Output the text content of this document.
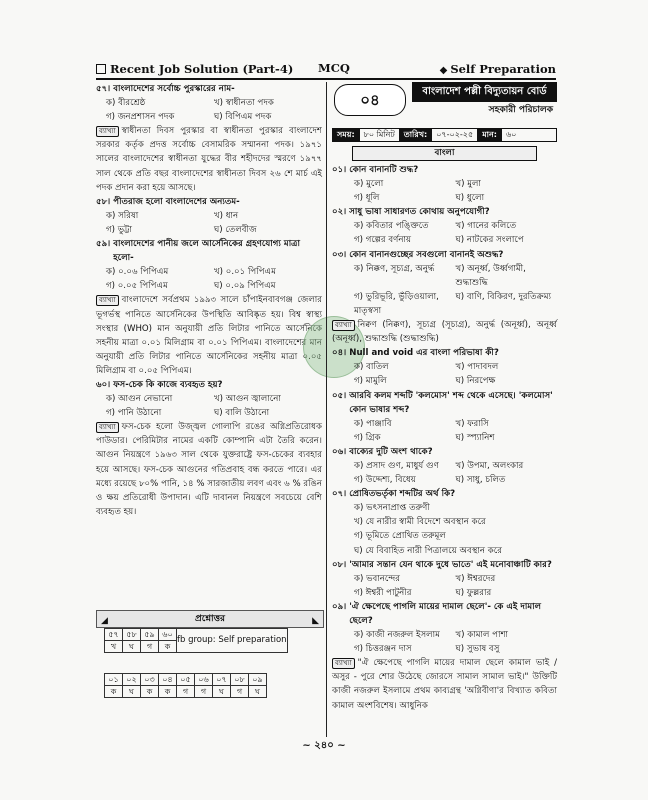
Recent Job Solution (Part-4) MCQ	◆ Self Preparation
৫৭। বাংলাদেশের সর্বোচ্চ পুরস্কারের নাম-
ক) বীরশ্রেষ্ঠ	খ) স্বাধীনতা পদক
গ) জনপ্রশাসন পদক	ঘ) বিপিএম পদক
ব্যাখ্যা স্বাধীনতা দিবস পুরস্কার বা স্বাধীনতা পুরস্কার বাংলাদেশ সরকার কর্তৃক প্রদত্ত সর্বোচ্চ বেসামরিক সম্মাননা পদক। ১৯৭১ সালের বাংলাদেশের স্বাধীনতা যুদ্ধের বীর শহীদদের স্মরণে ১৯৭৭ সাল থেকে প্রতি বছর বাংলাদেশের স্বাধীনতা দিবস ২৬ শে মার্চ এই পদক প্রদান করা হয়ে আসছে।
৫৮। পীতরাজ হলো বাংলাদেশের অন্যতম-
ক) সরিষা	খ) ধান
গ) ভুট্টা	ঘ) তেলবীজ
৫৯। বাংলাদেশের পানীয় জলে আর্সেনিকের গ্রহণযোগ্য মাত্রা হলো-
ক) ০.০৬ পিপিএম	খ) ০.০১ পিপিএম
গ) ০.০৫ পিপিএম	ঘ) ০.০৯ পিপিএম
ব্যাখ্যা বাংলাদেশে সর্বপ্রথম ১৯৯৩ সালে চাঁপাইনবাবগঞ্জ জেলার ভূগর্ভস্থ পানিতে আর্সেনিকের উপস্থিতি আবিষ্কৃত হয়। বিশ্ব স্বাস্থ্য সংস্থার (WHO) মান অনুযায়ী প্রতি লিটার পানিতে আর্সেনিকে সহনীয় মাত্রা ০.০১ মিলিগ্রাম বা ০.০১ পিপিএম। বাংলাদেশের মান অনুযায়ী প্রতি লিটার পানিতে আর্সেনিকের সহনীয় মাত্রা ০.০৫ মিলিগ্রাম বা ০.০৫ পিপিএম।
৬০। ফস-চেক কি কাজে ব্যবহৃত হয়?
ক) আগুন নেভানো	খ) আগুন জ্বালানো
গ) পানি উঠানো	ঘ) বালি উঠানো
ব্যাখ্যা ফস-চেক হলো উজ্জ্বল গোলাপি রঙের অগ্নিপ্রতিরোধক পাউডার। পেরিমিটার নামের একটি কোম্পানি এটা তৈরি করেন। আগুন নিয়ন্ত্রণে ১৯৬৩ সাল থেকে যুক্তরাষ্ট্রে ফস-চেকের ব্যবহার হয়ে আসছে। ফস-চেক আগুনের গতিপ্রবাহ বন্ধ করতে পারে। এর মধ্যে রয়েছে ৮০% পানি, ১৪ % সারজাতীয় লবণ এবং ৬ % রঙিন ও ক্ষয় প্রতিরোধী উপাদান। এটি দাবানল নিয়ন্ত্রণে সবচেয়ে বেশি ব্যবহৃত হয়।
◢	প্রশ্নোত্তর	◣
৫৭	৫৮	৫৯	৬০	fb group: Self preparation
খ	ঘ	গ	ক	
০১	০২	০৩	০৪	০৫	০৬	০৭	০৮	০৯
ক	ঘ	ক	ক	গ	গ	ঘ	গ	ঘ
০৪	বাংলাদেশ পল্লী বিদ্যুতায়ন বোর্ড
সহকারী পরিচালক
সময়:	৮০ মিনিট	তারিখ:	০৭-০২-২৫	মান:	৬০
বাংলা
০১। কোন বানানটি শুদ্ধ?
ক) মুলো	খ) মুলা
গ) ধূলি	ঘ) ধুলো
০২। সাধু ভাষা সাধারণত কোথায় অনুপযোগী?
ক) কবিতার পঙ্ক্তিতে	খ) গানের কলিতে
গ) গল্পের বর্ণনায়	ঘ) নাটকের সংলাপে
০৩। কোন বানানগুচ্ছের সবগুলো বানানই অশুদ্ধ?
ক) নিক্কণ, সূচ্যগ্র, অনুর্দ্ধ	খ) অনূর্ধ্ব, উর্ধ্বগামী, শুদ্ধাশুদ্ধি
গ) ভুরিভূরি, ভুঁড়িওয়ালা, মাতৃস্বসা
ঘ) বাণি, বিকিরণ, দুরতিক্রম্য
ব্যাখ্যা নিক্বণ (নিক্কণ), সূচ্যগ্র (সূচ্যগ্র), অনুর্দ্ধ (অনূর্ধ্ব), অনূর্ধ্ব (অনূর্ধ্ব), শুদ্ধাশুদ্ধি (শুদ্ধাশুদ্ধি)
০৪। Null and void এর বাংলা পরিভাষা কী?
ক) বাতিল	খ) পাদাবদল
গ) মামুলি	ঘ) নিরপেক্ষ
০৫। আরবি কলম শব্দটি 'কলমোস' শব্দ থেকে এসেছে। 'কলমোস' কোন ভাষার শব্দ?
ক) পাঞ্জাবি	খ) ফরাসি
গ) গ্রিক	ঘ) স্প্যানিশ
০৬। বাক্যের দুটি অংশ থাকে?
ক) প্রসাদ গুণ, মাধুর্য গুণ	খ) উপমা, অলংকার
গ) উদ্দেশ্য, বিধেয়	ঘ) সাধু, চলিত
০৭। প্রোষিতভর্তৃকা শব্দটির অর্থ কি?
ক) ভৎসনাপ্রাপ্ত তরুণী
খ) যে নারীর স্বামী বিদেশে অবস্থান করে
গ) ভূমিতে প্রোথিত তরুমূল
ঘ) যে বিবাহিত নারী পিত্রালয়ে অবস্থান করে
০৮। 'আমার সন্তান যেন থাকে দুধে ভাতে' এই মনোবাঞ্চাটি কার?
ক) ভবানন্দের	খ) ঈশ্বরদের
গ) ঈশ্বরী পাটুনীর	ঘ) ফুল্লরার
০৯। 'ঐ ক্ষেপেছে পাগলি মায়ের দামাল ছেলে'- কে এই দামাল ছেলে?
ক) কাজী নজরুল ইসলাম	খ) কামাল পাশা
গ) চিত্তরঞ্জন দাস	ঘ) সুভাষ বসু
ব্যাখ্যা "ঐ ক্ষেপেছে পাগলি মায়ের দামাল ছেলে কামাল ভাই / অসুর - পুরে শোর উঠেছে জোরসে সামাল সামাল ভাই।" উক্তিটি কাজী নজরুল ইসলামে প্রথম কাব্যগ্রন্থ 'অগ্নিবীণা'র বিখ্যাত কবিতা কামাল অংশবিশেষ। আধুনিক
~ ২৪০ ~
